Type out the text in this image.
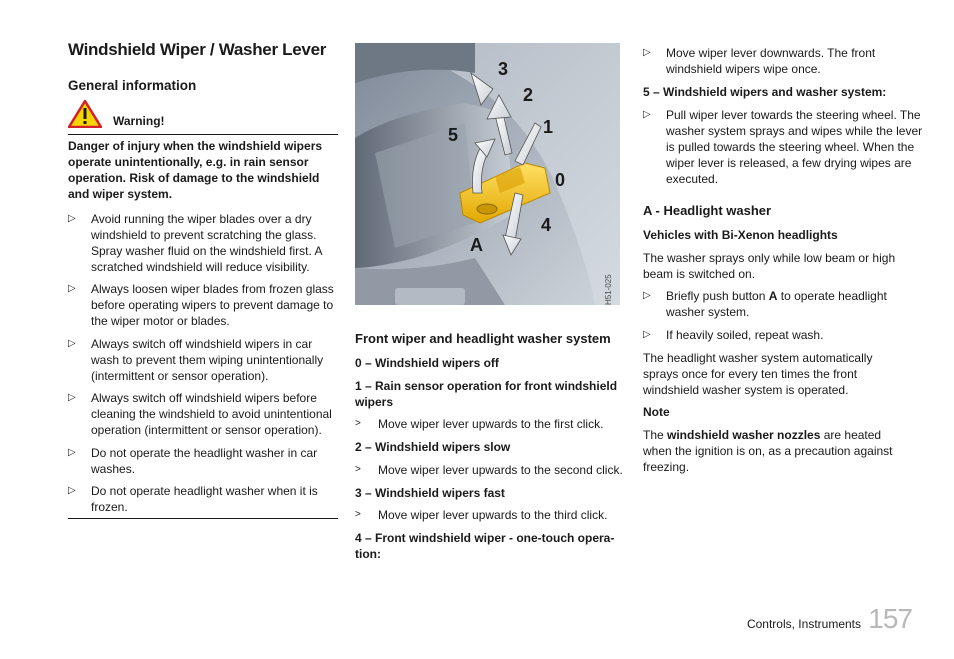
Windshield Wiper / Washer Lever
General information
Warning!

Danger of injury when the windshield wipers operate unintentionally, e.g. in rain sensor operation. Risk of damage to the windshield and wiper system.

▷ Avoid running the wiper blades over a dry windshield to prevent scratching the glass. Spray washer fluid on the windshield first. A scratched windshield will reduce visibility.
▷ Always loosen wiper blades from frozen glass before operating wipers to prevent damage to the wiper motor or blades.
▷ Always switch off windshield wipers in car wash to prevent them wiping unintentionally (intermittent or sensor operation).
▷ Always switch off windshield wipers before cleaning the windshield to avoid unintentional operation (intermittent or sensor operation).
▷ Do not operate the headlight washer in car washes.
▷ Do not operate headlight washer when it is frozen.
3
2
1
0
4
5
A
H51-025
Front wiper and headlight washer system

0 – Windshield wipers off

1 – Rain sensor operation for front windshield wipers

> Move wiper lever upwards to the first click.

2 – Windshield wipers slow

> Move wiper lever upwards to the second click.

3 – Windshield wipers fast

> Move wiper lever upwards to the third click.

4 – Front windshield wiper - one-touch opera-tion:

▷ Move wiper lever downwards. The front windshield wipers wipe once.

5 – Windshield wipers and washer system:

▷ Pull wiper lever towards the steering wheel. The washer system sprays and wipes while the lever is pulled towards the steering wheel. When the wiper lever is released, a few drying wipes are executed.
A - Headlight washer

Vehicles with Bi-Xenon headlights

The washer sprays only while low beam or high beam is switched on.

▷ Briefly push button A to operate headlight washer system.
▷ If heavily soiled, repeat wash.

The headlight washer system automatically sprays once for every ten times the front windshield washer system is operated.

Note

The windshield washer nozzles are heated when the ignition is on, as a precaution against freezing.

Controls, Instruments 157
